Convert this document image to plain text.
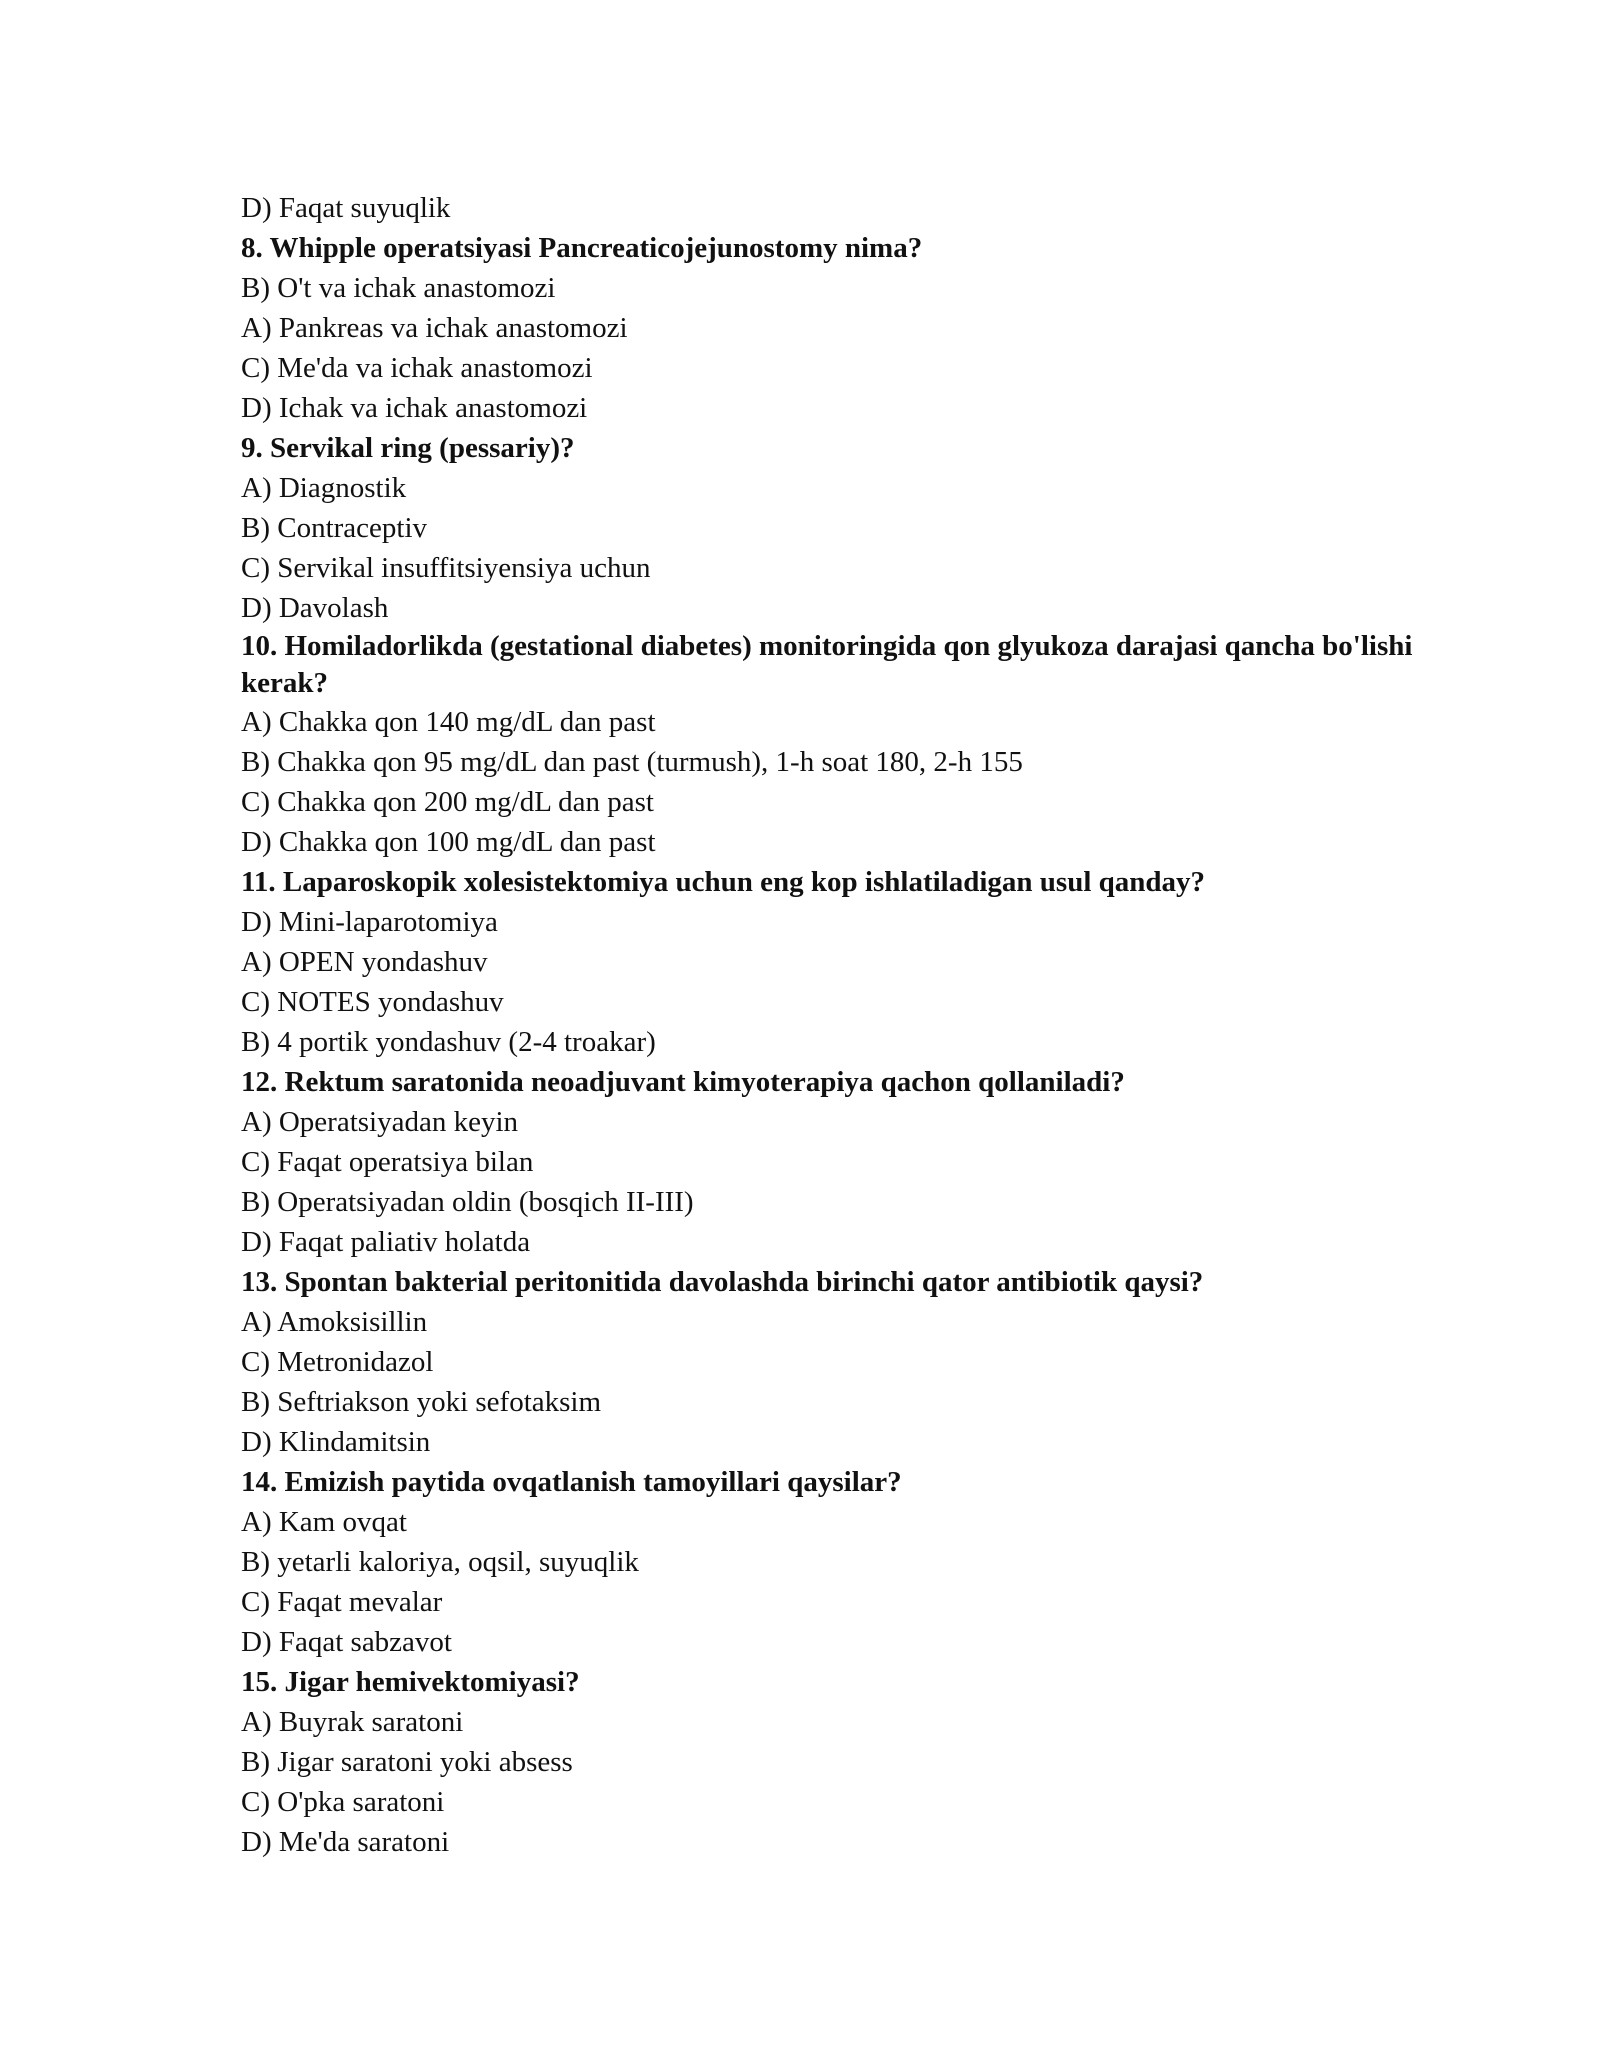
D) Faqat suyuqlik
8. Whipple operatsiyasi Pancreaticojejunostomy nima?
B) O't va ichak anastomozi
A) Pankreas va ichak anastomozi
C) Me'da va ichak anastomozi
D) Ichak va ichak anastomozi
9. Servikal ring (pessariy)?
A) Diagnostik
B) Contraceptiv
C) Servikal insuffitsiyensiya uchun
D) Davolash
10. Homiladorlikda (gestational diabetes) monitoringida qon glyukoza darajasi qancha bo'lishi kerak?
A) Chakka qon 140 mg/dL dan past
B) Chakka qon 95 mg/dL dan past (turmush), 1-h soat 180, 2-h 155
C) Chakka qon 200 mg/dL dan past
D) Chakka qon 100 mg/dL dan past
11. Laparoskopik xolesistektomiya uchun eng kop ishlatiladigan usul qanday?
D) Mini-laparotomiya
A) OPEN yondashuv
C) NOTES yondashuv
B) 4 portik yondashuv (2-4 troakar)
12. Rektum saratonida neoadjuvant kimyoterapiya qachon qollaniladi?
A) Operatsiyadan keyin
C) Faqat operatsiya bilan
B) Operatsiyadan oldin (bosqich II-III)
D) Faqat paliativ holatda
13. Spontan bakterial peritonitida davolashda birinchi qator antibiotik qaysi?
A) Amoksisillin
C) Metronidazol
B) Seftriakson yoki sefotaksim
D) Klindamitsin
14. Emizish paytida ovqatlanish tamoyillari qaysilar?
A) Kam ovqat
B) yetarli kaloriya, oqsil, suyuqlik
C) Faqat mevalar
D) Faqat sabzavot
15. Jigar hemivektomiyasi?
A) Buyrak saratoni
B) Jigar saratoni yoki absess
C) O'pka saratoni
D) Me'da saratoni
